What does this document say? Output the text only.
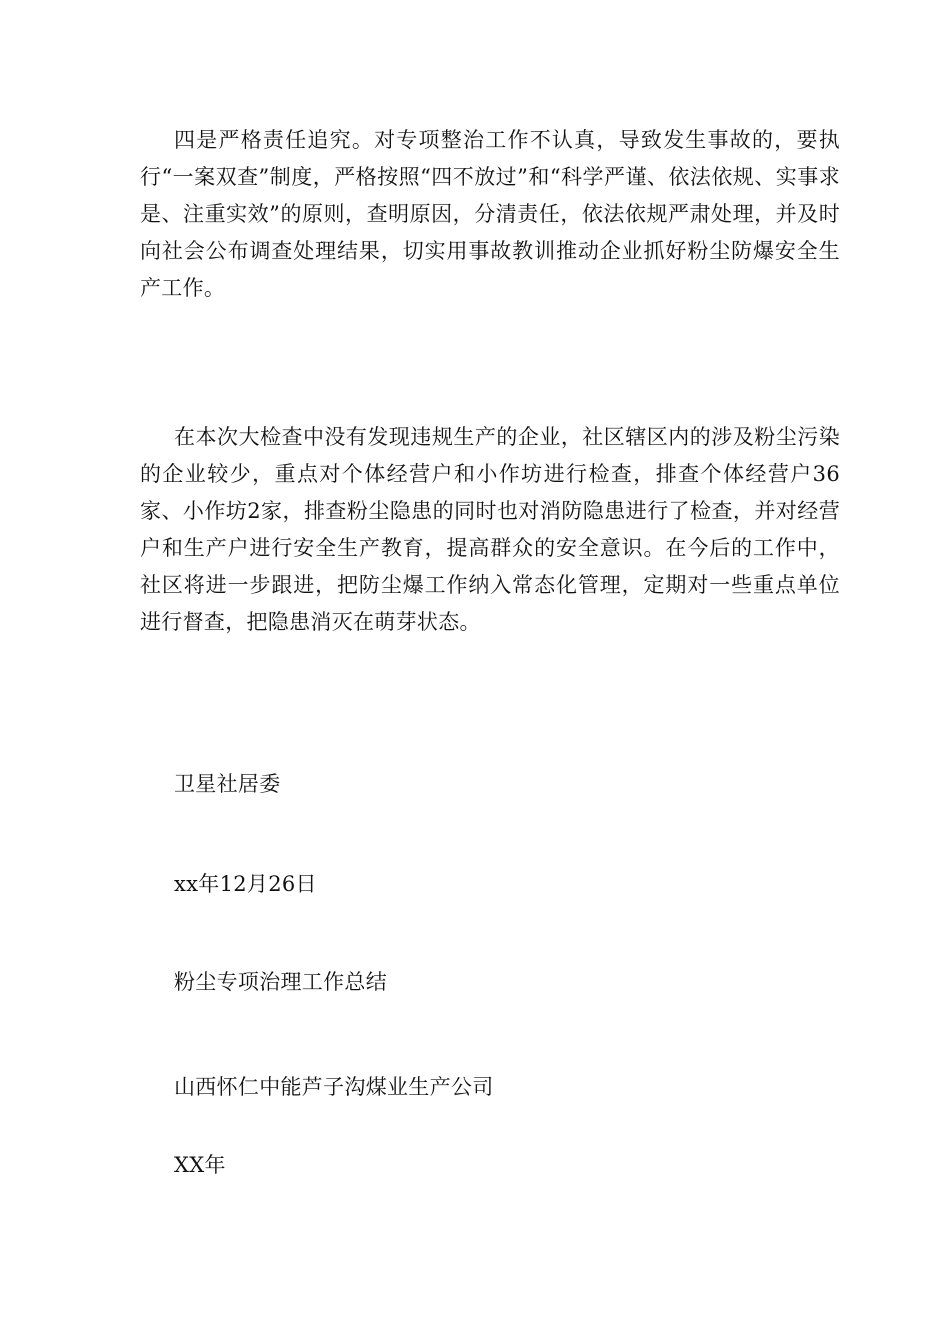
四是严格责任追究。对专项整治工作不认真，导致发生事故的，要执行“一案双查”制度，严格按照“四不放过”和“科学严谨、依法依规、实事求是、注重实效”的原则，查明原因，分清责任，依法依规严肃处理，并及时向社会公布调查处理结果，切实用事故教训推动企业抓好粉尘防爆安全生产工作。

在本次大检查中没有发现违规生产的企业，社区辖区内的涉及粉尘污染的企业较少，重点对个体经营户和小作坊进行检查，排查个体经营户36家、小作坊2家，排查粉尘隐患的同时也对消防隐患进行了检查，并对经营户和生产户进行安全生产教育，提高群众的安全意识。在今后的工作中，社区将进一步跟进，把防尘爆工作纳入常态化管理，定期对一些重点单位进行督查，把隐患消灭在萌芽状态。

卫星社居委

xx年12月26日

粉尘专项治理工作总结

山西怀仁中能芦子沟煤业生产公司

XX年
